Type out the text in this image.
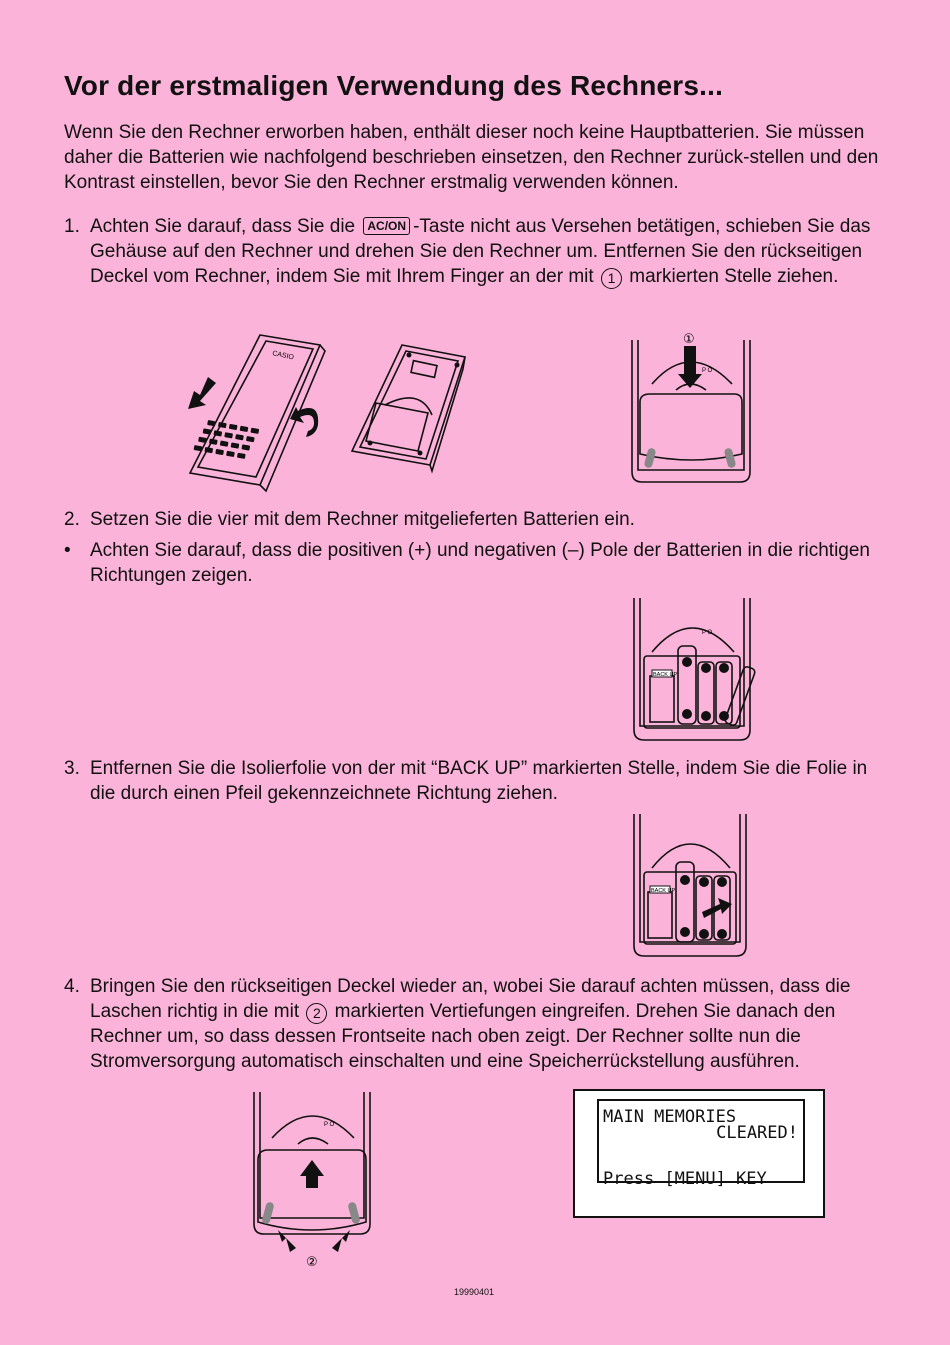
Vor der erstmaligen Verwendung des Rechners...

Wenn Sie den Rechner erworben haben, enthält dieser noch keine Hauptbatterien. Sie müssen daher die Batterien wie nachfolgend beschrieben einsetzen, den Rechner zurück-stellen und den Kontrast einstellen, bevor Sie den Rechner erstmalig verwenden können.

1. Achten Sie darauf, dass Sie die AC/ON -Taste nicht aus Versehen betätigen, schieben Sie das Gehäuse auf den Rechner und drehen Sie den Rechner um. Entfernen Sie den rückseitigen Deckel vom Rechner, indem Sie mit Ihrem Finger an der mit 1 markierten Stelle ziehen.

CASIO
①
P O

2. Setzen Sie die vier mit dem Rechner mitgelieferten Batterien ein.

• Achten Sie darauf, dass die positiven (+) und negativen (–) Pole der Batterien in die richtigen Richtungen zeigen.

BACK UP
P O

3. Entfernen Sie die Isolierfolie von der mit “BACK UP” markierten Stelle, indem Sie die Folie in die durch einen Pfeil gekennzeichnete Richtung ziehen.

BACK UP

4. Bringen Sie den rückseitigen Deckel wieder an, wobei Sie darauf achten müssen, dass die Laschen richtig in die mit 2 markierten Vertiefungen eingreifen. Drehen Sie danach den Rechner um, so dass dessen Frontseite nach oben zeigt. Der Rechner sollte nun die Stromversorgung automatisch einschalten und eine Speicherrückstellung ausführen.

②
P O	MAIN MEMORIES
CLEARED!
Press [MENU] KEY
19990401
